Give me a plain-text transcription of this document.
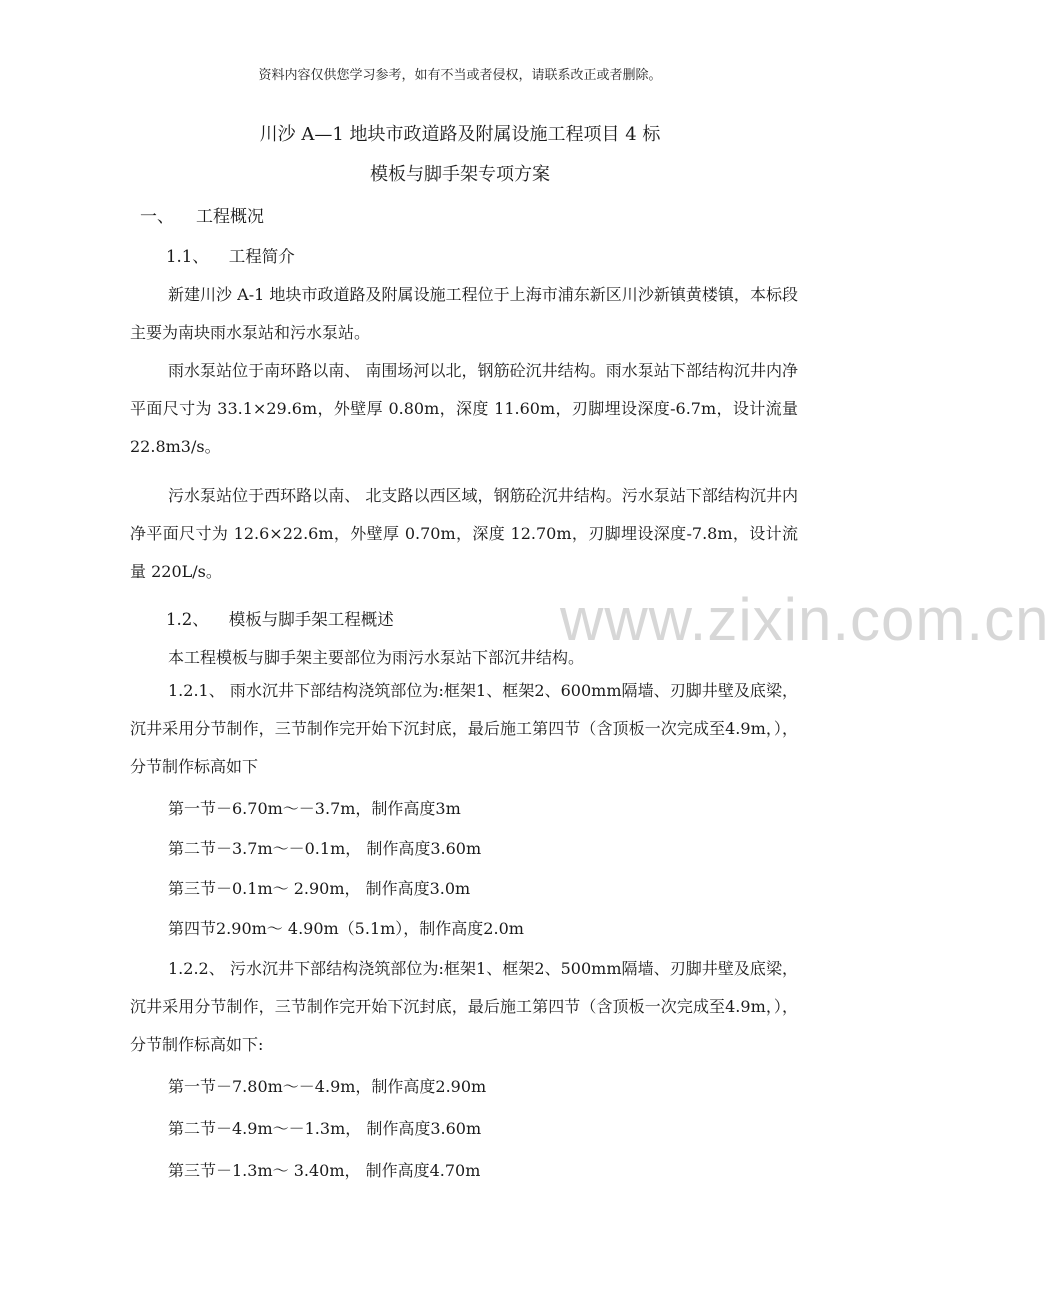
www.zixin.com.cn
资料内容仅供您学习参考，如有不当或者侵权，请联系改正或者删除。
川沙 A—1 地块市政道路及附属设施工程项目 4 标
模板与脚手架专项方案
一、 工程概况
1.1、 工程简介
新建川沙 A-1 地块市政道路及附属设施工程位于上海市浦东新区川沙新镇黄楼镇，本标段主要为南块雨水泵站和污水泵站。
雨水泵站位于南环路以南、 南围场河以北，钢筋砼沉井结构。雨水泵站下部结构沉井内净平面尺寸为 33.1×29.6m，外壁厚 0.80m，深度 11.60m，刃脚埋设深度-6.7m，设计流量 22.8m3/s。
污水泵站位于西环路以南、 北支路以西区域，钢筋砼沉井结构。污水泵站下部结构沉井内净平面尺寸为 12.6×22.6m，外壁厚 0.70m，深度 12.70m，刃脚埋设深度-7.8m，设计流量 220L/s。
1.2、 模板与脚手架工程概述
本工程模板与脚手架主要部位为雨污水泵站下部沉井结构。
1.2.1、 雨水沉井下部结构浇筑部位为:框架1、框架2、600mm隔墙、刃脚井壁及底梁，沉井采用分节制作，三节制作完开始下沉封底，最后施工第四节（含顶板一次完成至4.9m，），分节制作标高如下
第一节－6.70m～－3.7m，制作高度3m
第二节－3.7m～－0.1m， 制作高度3.60m
第三节－0.1m～ 2.90m， 制作高度3.0m
第四节2.90m～ 4.90m（5.1m），制作高度2.0m
1.2.2、 污水沉井下部结构浇筑部位为:框架1、框架2、500mm隔墙、刃脚井壁及底梁，沉井采用分节制作，三节制作完开始下沉封底，最后施工第四节（含顶板一次完成至4.9m，），分节制作标高如下:
第一节－7.80m～－4.9m，制作高度2.90m
第二节－4.9m～－1.3m， 制作高度3.60m
第三节－1.3m～ 3.40m， 制作高度4.70m
